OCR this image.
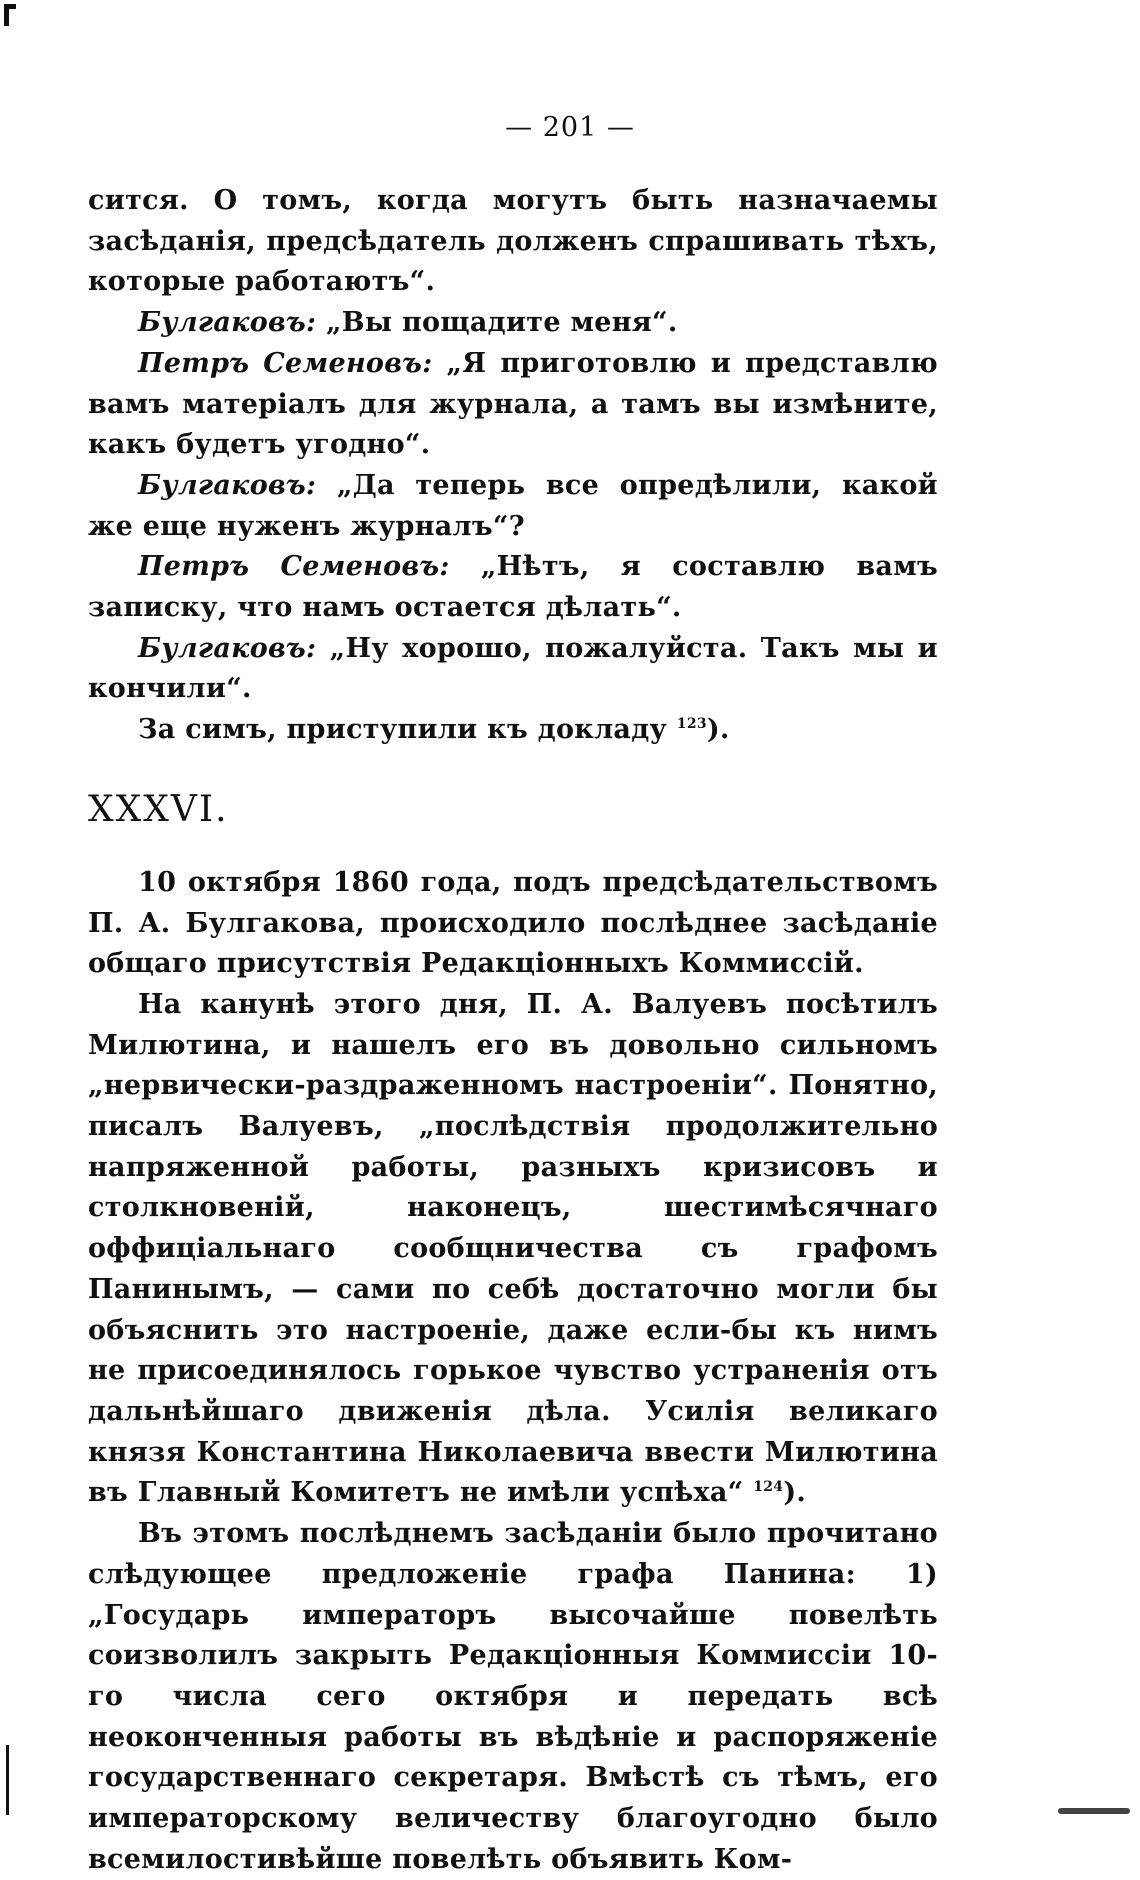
— 201 —

сится. О томъ, когда могутъ быть назначаемы засѣданія, предсѣдатель долженъ спрашивать тѣхъ, которые работаютъ“.

Булгаковъ: „Вы пощадите меня“.

Петръ Семеновъ: „Я приготовлю и представлю вамъ матеріалъ для журнала, а тамъ вы измѣните, какъ будетъ угодно“.

Булгаковъ: „Да теперь все опредѣлили, какой же еще нуженъ журналъ“?

Петръ Семеновъ: „Нѣтъ, я составлю вамъ записку, что намъ остается дѣлать“.

Булгаковъ: „Ну хорошо, пожалуйста. Такъ мы и кончили“.

За симъ, приступили къ докладу $^{123}$).

XXXVI.

10 октября 1860 года, подъ предсѣдательствомъ П. А. Булгакова, происходило послѣднее засѣданіе общаго присутствія Редакціонныхъ Коммиссій.

На канунѣ этого дня, П. А. Валуевъ посѣтилъ Милютина, и нашелъ его въ довольно сильномъ „нервически-раздраженномъ настроеніи“. Понятно, писалъ Валуевъ, „послѣдствія продолжительно напряженной работы, разныхъ кризисовъ и столкновеній, наконецъ, шестимѣсячнаго оффиціальнаго сообщничества съ графомъ Панинымъ, — сами по себѣ достаточно могли бы объяснить это настроеніе, даже если-бы къ нимъ не присоединялось горькое чувство устраненія отъ дальнѣйшаго движенія дѣла. Усилія великаго князя Константина Николаевича ввести Милютина въ Главный Комитетъ не имѣли успѣха“ $^{124}$).

Въ этомъ послѣднемъ засѣданіи было прочитано слѣдующее предложеніе графа Панина: 1) „Государь императоръ высочайше повелѣть соизволилъ закрыть Редакціонныя Коммиссіи 10-го числа сего октября и передать всѣ неоконченныя работы въ вѣдѣніе и распоряженіе государственнаго секретаря. Вмѣстѣ съ тѣмъ, его императорскому величеству благоугодно было всемилостивѣйше повелѣть объявить Ком-
